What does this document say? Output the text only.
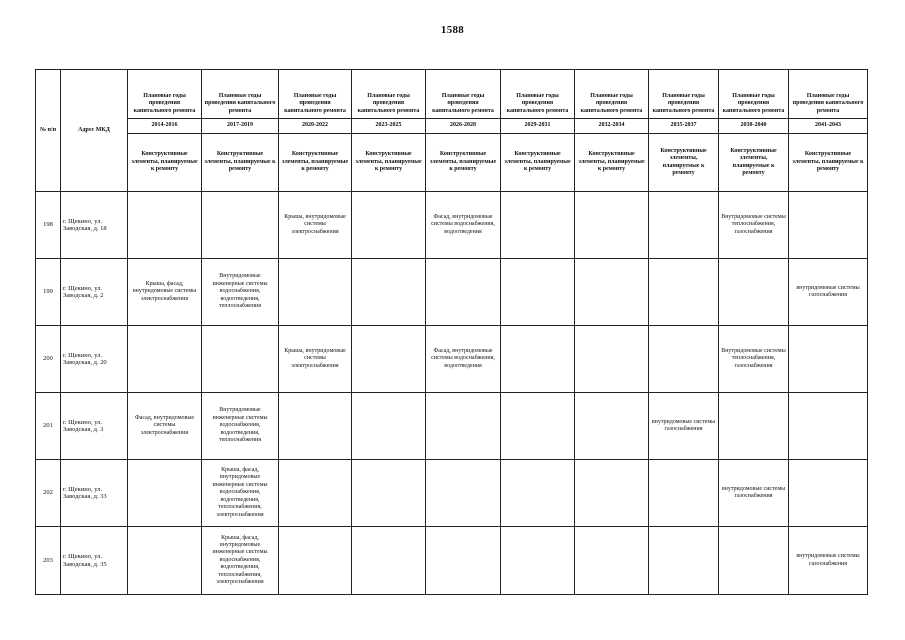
1588
№ п/п	Адрес МКД	Плановые годы проведения капитального ремонта	Плановые годы проведения капитального ремонта	Плановые годы проведения капитального ремонта	Плановые годы проведения капитального ремонта	Плановые годы проведения капитального ремонта	Плановые годы проведения капитального ремонта	Плановые годы проведения капитального ремонта	Плановые годы проведения капитального ремонта	Плановые годы проведения капитального ремонта	Плановые годы проведения капитального ремонта
		2014-2016	2017-2019	2020-2022	2023-2025	2026-2028	2029-2031	2032-2034	2035-2037	2038-2040	2041-2043
		Конструктивные элементы, планируемые к ремонту	Конструктивные элементы, планируемые к ремонту	Конструктивные элементы, планируемые к ремонту	Конструктивные элементы, планируемые к ремонту	Конструктивные элементы, планируемые к ремонту	Конструктивные элементы, планируемые к ремонту	Конструктивные элементы, планируемые к ремонту	Конструктивные элементы, планируемые к ремонту	Конструктивные элементы, планируемые к ремонту	Конструктивные элементы, планируемые к ремонту
198	г. Щекино, ул. Заводская, д. 18			Крыша, внутридомовые системы электроснабжения		Фасад, внутридомовые системы водоснабжения, водоотведения				Внутридомовые системы теплоснабжения, газоснабжения	
199	г. Щекино, ул. Заводская, д. 2	Крыша, фасад, внутридомовые системы электроснабжения	Внутридомовые инженерные системы водоснабжения, водоотведения, теплоснабжения								внутридомовые системы газоснабжения
200	г. Щекино, ул. Заводская, д. 20			Крыша, внутридомовые системы электроснабжения		Фасад, внутридомовые системы водоснабжения, водоотведения				Внутридомовые системы теплоснабжения, газоснабжения	
201	г. Щекино, ул. Заводская, д. 3	Фасад, внутридомовые системы электроснабжения	Внутридомовые инженерные системы водоснабжения, водоотведения, теплоснабжения						внутридомовые системы газоснабжения		
202	г. Щекино, ул. Заводская, д. 33		Крыша, фасад, внутридомовые инженерные системы водоснабжения, водоотведения, теплоснабжения, электроснабжения							внутридомовые системы газоснабжения	
203	г. Щекино, ул. Заводская, д. 35		Крыша, фасад, внутридомовые инженерные системы водоснабжения, водоотведения, теплоснабжения, электроснабжения								внутридомовые системы газоснабжения
